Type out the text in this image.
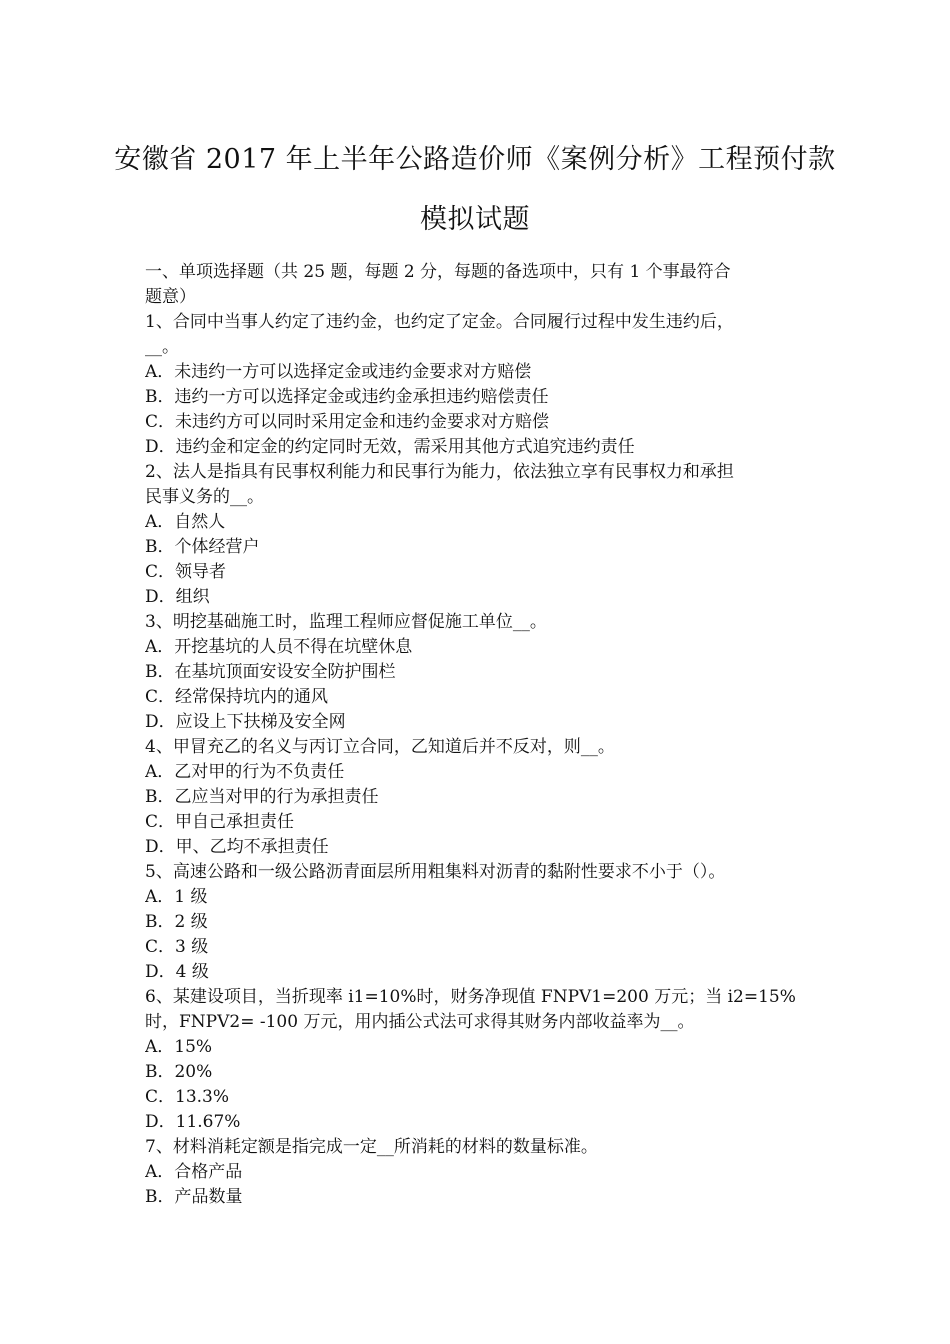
安徽省 2017 年上半年公路造价师《案例分析》工程预付款
模拟试题
一、单项选择题（共 25 题，每题 2 分，每题的备选项中，只有 1 个事最符合
题意）
1、合同中当事人约定了违约金，也约定了定金。合同履行过程中发生违约后，
__。
A．未违约一方可以选择定金或违约金要求对方赔偿
B．违约一方可以选择定金或违约金承担违约赔偿责任
C．未违约方可以同时采用定金和违约金要求对方赔偿
D．违约金和定金的约定同时无效，需采用其他方式追究违约责任
2、法人是指具有民事权利能力和民事行为能力，依法独立享有民事权力和承担
民事义务的__。
A．自然人
B．个体经营户
C．领导者
D．组织
3、明挖基础施工时，监理工程师应督促施工单位__。
A．开挖基坑的人员不得在坑壁休息
B．在基坑顶面安设安全防护围栏
C．经常保持坑内的通风
D．应设上下扶梯及安全网
4、甲冒充乙的名义与丙订立合同，乙知道后并不反对，则__。
A．乙对甲的行为不负责任
B．乙应当对甲的行为承担责任
C．甲自己承担责任
D．甲、乙均不承担责任
5、高速公路和一级公路沥青面层所用粗集料对沥青的黏附性要求不小于（）。
A．1 级
B．2 级
C．3 级
D．4 级
6、某建设项目，当折现率 i1=10%时，财务净现值 FNPV1=200 万元；当 i2=15%
时，FNPV2= -100 万元，用内插公式法可求得其财务内部收益率为__。
A．15%
B．20%
C．13.3%
D．11.67%
7、材料消耗定额是指完成一定__所消耗的材料的数量标准。
A．合格产品
B．产品数量
